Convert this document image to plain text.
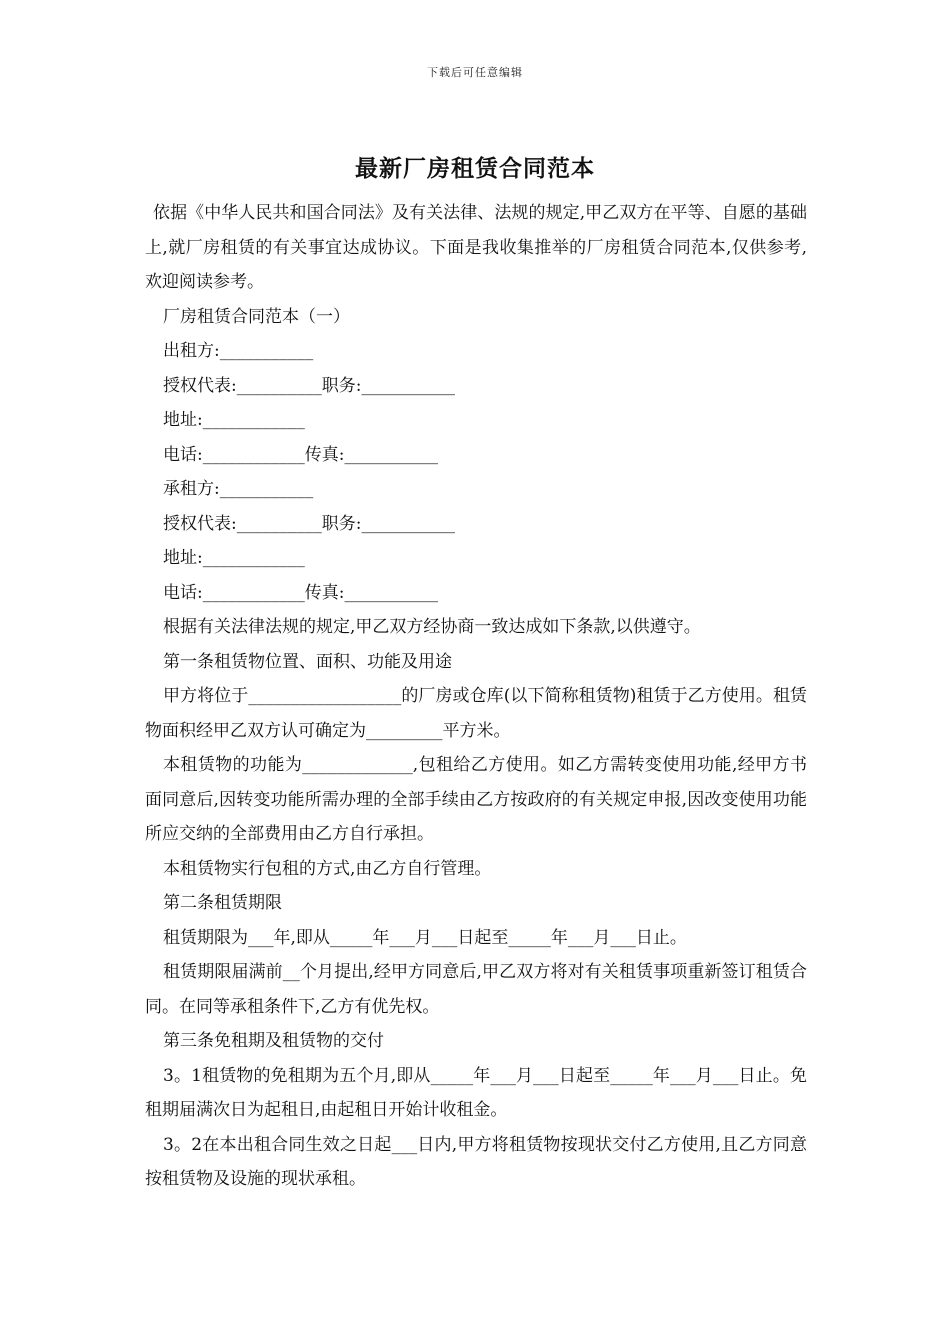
下载后可任意编辑
最新厂房租赁合同范本

依据《中华人民共和国合同法》及有关法律、法规的规定,甲乙双方在平等、自愿的基础上,就厂房租赁的有关事宜达成协议。下面是我收集推举的厂房租赁合同范本,仅供参考,欢迎阅读参考。

厂房租赁合同范本（一）

出租方:___________

授权代表:__________职务:___________

地址:____________

电话:____________传真:___________

承租方:___________

授权代表:__________职务:___________

地址:____________

电话:____________传真:___________

根据有关法律法规的规定,甲乙双方经协商一致达成如下条款,以供遵守。

第一条租赁物位置、面积、功能及用途

甲方将位于__________________的厂房或仓库(以下简称租赁物)租赁于乙方使用。租赁物面积经甲乙双方认可确定为_________平方米。

本租赁物的功能为_____________,包租给乙方使用。如乙方需转变使用功能,经甲方书面同意后,因转变功能所需办理的全部手续由乙方按政府的有关规定申报,因改变使用功能所应交纳的全部费用由乙方自行承担。

本租赁物实行包租的方式,由乙方自行管理。

第二条租赁期限

租赁期限为___年,即从_____年___月___日起至_____年___月___日止。

租赁期限届满前__个月提出,经甲方同意后,甲乙双方将对有关租赁事项重新签订租赁合同。在同等承租条件下,乙方有优先权。

第三条免租期及租赁物的交付

3。1租赁物的免租期为五个月,即从_____年___月___日起至_____年___月___日止。免租期届满次日为起租日,由起租日开始计收租金。

3。2在本出租合同生效之日起___日内,甲方将租赁物按现状交付乙方使用,且乙方同意按租赁物及设施的现状承租。
